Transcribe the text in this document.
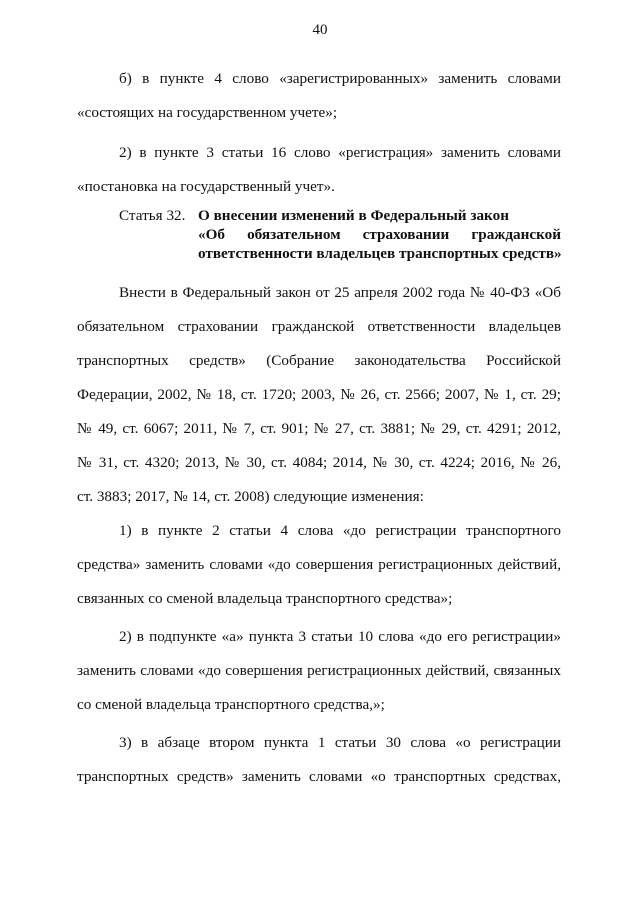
40
б) в пункте 4 слово «зарегистрированных» заменить словами
«состоящих на государственном учете»;
2) в пункте 3 статьи 16 слово «регистрация» заменить словами
«постановка на государственный учет».
Статья 32. О внесении изменений в Федеральный закон
«Об обязательном страховании гражданской
ответственности владельцев транспортных средств»
Внести в Федеральный закон от 25 апреля 2002 года № 40-ФЗ «Об
обязательном страховании гражданской ответственности владельцев
транспортных средств» (Собрание законодательства Российской
Федерации, 2002, № 18, ст. 1720; 2003, № 26, ст. 2566; 2007, № 1, ст. 29;
№ 49, ст. 6067; 2011, № 7, ст. 901; № 27, ст. 3881; № 29, ст. 4291; 2012,
№ 31, ст. 4320; 2013, № 30, ст. 4084; 2014, № 30, ст. 4224; 2016, № 26,
ст. 3883; 2017, № 14, ст. 2008) следующие изменения:
1) в пункте 2 статьи 4 слова «до регистрации транспортного
средства» заменить словами «до совершения регистрационных действий,
связанных со сменой владельца транспортного средства»;
2) в подпункте «а» пункта 3 статьи 10 слова «до его регистрации»
заменить словами «до совершения регистрационных действий, связанных
со сменой владельца транспортного средства,»;
3) в абзаце втором пункта 1 статьи 30 слова «о регистрации
транспортных средств» заменить словами «о транспортных средствах,
